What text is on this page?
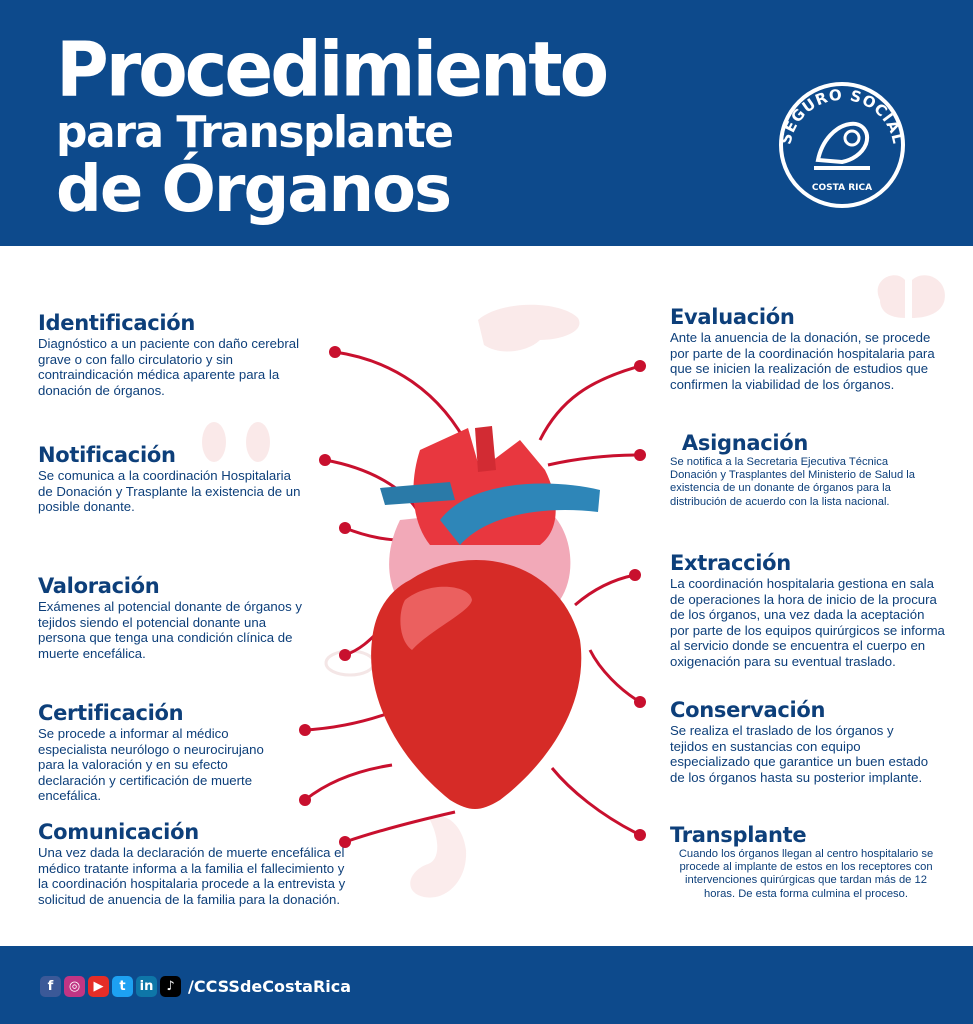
Procedimiento
para Transplante
de Órganos
SEGURO SOCIAL
COSTA RICA
Identificación

Diagnóstico a un paciente con daño cerebral grave o con fallo circulatorio y sin contraindicación médica aparente para la donación de órganos.

Notificación

Se comunica a la coordinación Hospitalaria de Donación y Trasplante la existencia de un posible donante.

Valoración

Exámenes al potencial donante de órganos y tejidos siendo el potencial donante una persona que tenga una condición clínica de muerte encefálica.

Certificación

Se procede a informar al médico especialista neurólogo o neurocirujano para la valoración y en su efecto declaración y certificación de muerte encefálica.

Comunicación

Una vez dada la declaración de muerte encefálica el médico tratante informa a la familia el fallecimiento y la coordinación hospitalaria procede a la entrevista y solicitud de anuencia de la familia para la donación.

Evaluación

Ante la anuencia de la donación, se procede por parte de la coordinación hospitalaria para que se inicien la realización de estudios que confirmen la viabilidad de los órganos.

Asignación

Se notifica a la Secretaria Ejecutiva Técnica Donación y Trasplantes del Ministerio de Salud la existencia de un donante de órganos para la distribución de acuerdo con la lista nacional.

Extracción

La coordinación hospitalaria gestiona en sala de operaciones la hora de inicio de la procura de los órganos, una vez dada la aceptación por parte de los equipos quirúrgicos se informa al servicio donde se encuentra el cuerpo en oxigenación para su eventual traslado.

Conservación

Se realiza el traslado de los órganos y tejidos en sustancias con equipo especializado que garantice un buen estado de los órganos hasta su posterior implante.

Transplante

Cuando los órganos llegan al centro hospitalario se procede al implante de estos en los receptores con intervenciones quirúrgicas que tardan más de 12 horas. De esta forma culmina el proceso.

f	◎	▶	t	in ♪ /CCSSdeCostaRica
